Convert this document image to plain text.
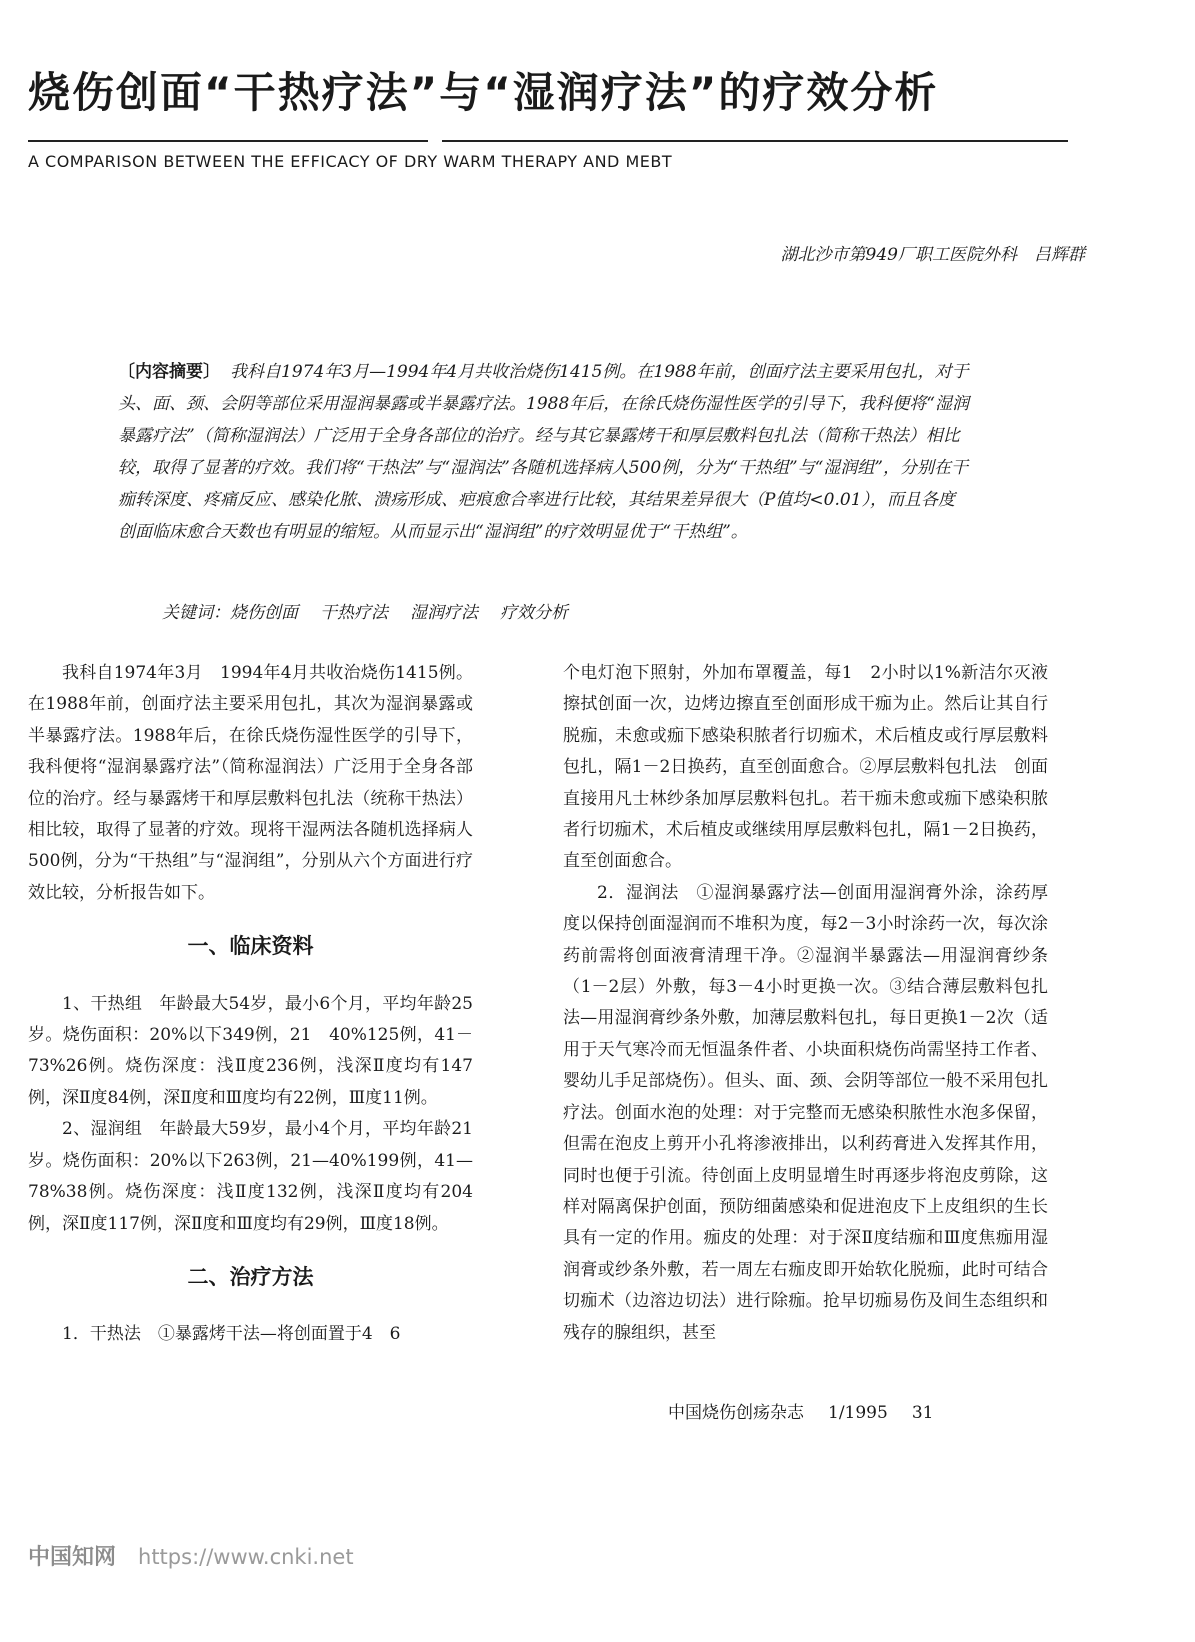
烧伤创面“干热疗法”与“湿润疗法”的疗效分析
A COMPARISON BETWEEN THE EFFICACY OF DRY WARM THERAPY AND MEBT
湖北沙市第949厂职工医院外科　吕辉群
〔内容摘要〕 我科自1974年3月—1994年4月共收治烧伤1415例。在1988年前，创面疗法主要采用包扎，对于头、面、颈、会阴等部位采用湿润暴露或半暴露疗法。1988年后，在徐氏烧伤湿性医学的引导下，我科便将“湿润暴露疗法”（简称湿润法）广泛用于全身各部位的治疗。经与其它暴露烤干和厚层敷料包扎法（简称干热法）相比较，取得了显著的疗效。我们将“干热法”与“湿润法”各随机选择病人500例，分为“干热组”与“湿润组”，分别在干痂转深度、疼痛反应、感染化脓、溃疡形成、疤痕愈合率进行比较，其结果差异很大（P值均<0.01），而且各度创面临床愈合天数也有明显的缩短。从而显示出“湿润组”的疗效明显优于“干热组”。
关键词：烧伤创面 干热疗法 湿润疗法 疗效分析

我科自1974年3月　1994年4月共收治烧伤1415例。在1988年前，创面疗法主要采用包扎，其次为湿润暴露或半暴露疗法。1988年后，在徐氏烧伤湿性医学的引导下，我科便将“湿润暴露疗法”（简称湿润法）广泛用于全身各部位的治疗。经与暴露烤干和厚层敷料包扎法（统称干热法）相比较，取得了显著的疗效。现将干湿两法各随机选择病人500例，分为“干热组”与“湿润组”，分别从六个方面进行疗效比较，分析报告如下。

一、临床资料

1、干热组　年龄最大54岁，最小6个月，平均年龄25岁。烧伤面积：20%以下349例，21　40%125例，41－73%26例。烧伤深度：浅Ⅱ度236例，浅深Ⅱ度均有147例，深Ⅱ度84例，深Ⅱ度和Ⅲ度均有22例，Ⅲ度11例。

2、湿润组　年龄最大59岁，最小4个月，平均年龄21岁。烧伤面积：20%以下263例，21—40%199例，41—78%38例。烧伤深度：浅Ⅱ度132例，浅深Ⅱ度均有204例，深Ⅱ度117例，深Ⅱ度和Ⅲ度均有29例，Ⅲ度18例。

二、治疗方法

1．干热法　①暴露烤干法—将创面置于4　6

个电灯泡下照射，外加布罩覆盖，每1　2小时以1%新洁尔灭液擦拭创面一次，边烤边擦直至创面形成干痂为止。然后让其自行脱痂，未愈或痂下感染积脓者行切痂术，术后植皮或行厚层敷料包扎，隔1－2日换药，直至创面愈合。②厚层敷料包扎法　创面直接用凡士林纱条加厚层敷料包扎。若干痂未愈或痂下感染积脓者行切痂术，术后植皮或继续用厚层敷料包扎，隔1－2日换药，直至创面愈合。

2．湿润法　①湿润暴露疗法—创面用湿润膏外涂，涂药厚度以保持创面湿润而不堆积为度，每2－3小时涂药一次，每次涂药前需将创面液膏清理干净。②湿润半暴露法—用湿润膏纱条（1－2层）外敷，每3－4小时更换一次。③结合薄层敷料包扎法—用湿润膏纱条外敷，加薄层敷料包扎，每日更换1－2次（适用于天气寒冷而无恒温条件者、小块面积烧伤尚需坚持工作者、婴幼儿手足部烧伤）。但头、面、颈、会阴等部位一般不采用包扎疗法。创面水泡的处理：对于完整而无感染积脓性水泡多保留，但需在泡皮上剪开小孔将渗液排出，以利药膏进入发挥其作用，同时也便于引流。待创面上皮明显增生时再逐步将泡皮剪除，这样对隔离保护创面，预防细菌感染和促进泡皮下上皮组织的生长具有一定的作用。痂皮的处理：对于深Ⅱ度结痂和Ⅲ度焦痂用湿润膏或纱条外敷，若一周左右痂皮即开始软化脱痂，此时可结合切痂术（边溶边切法）进行除痂。抢早切痂易伤及间生态组织和残存的腺组织，甚至

中国烧伤创疡杂志 1/1995 31
中国知网 https://www.cnki.net
